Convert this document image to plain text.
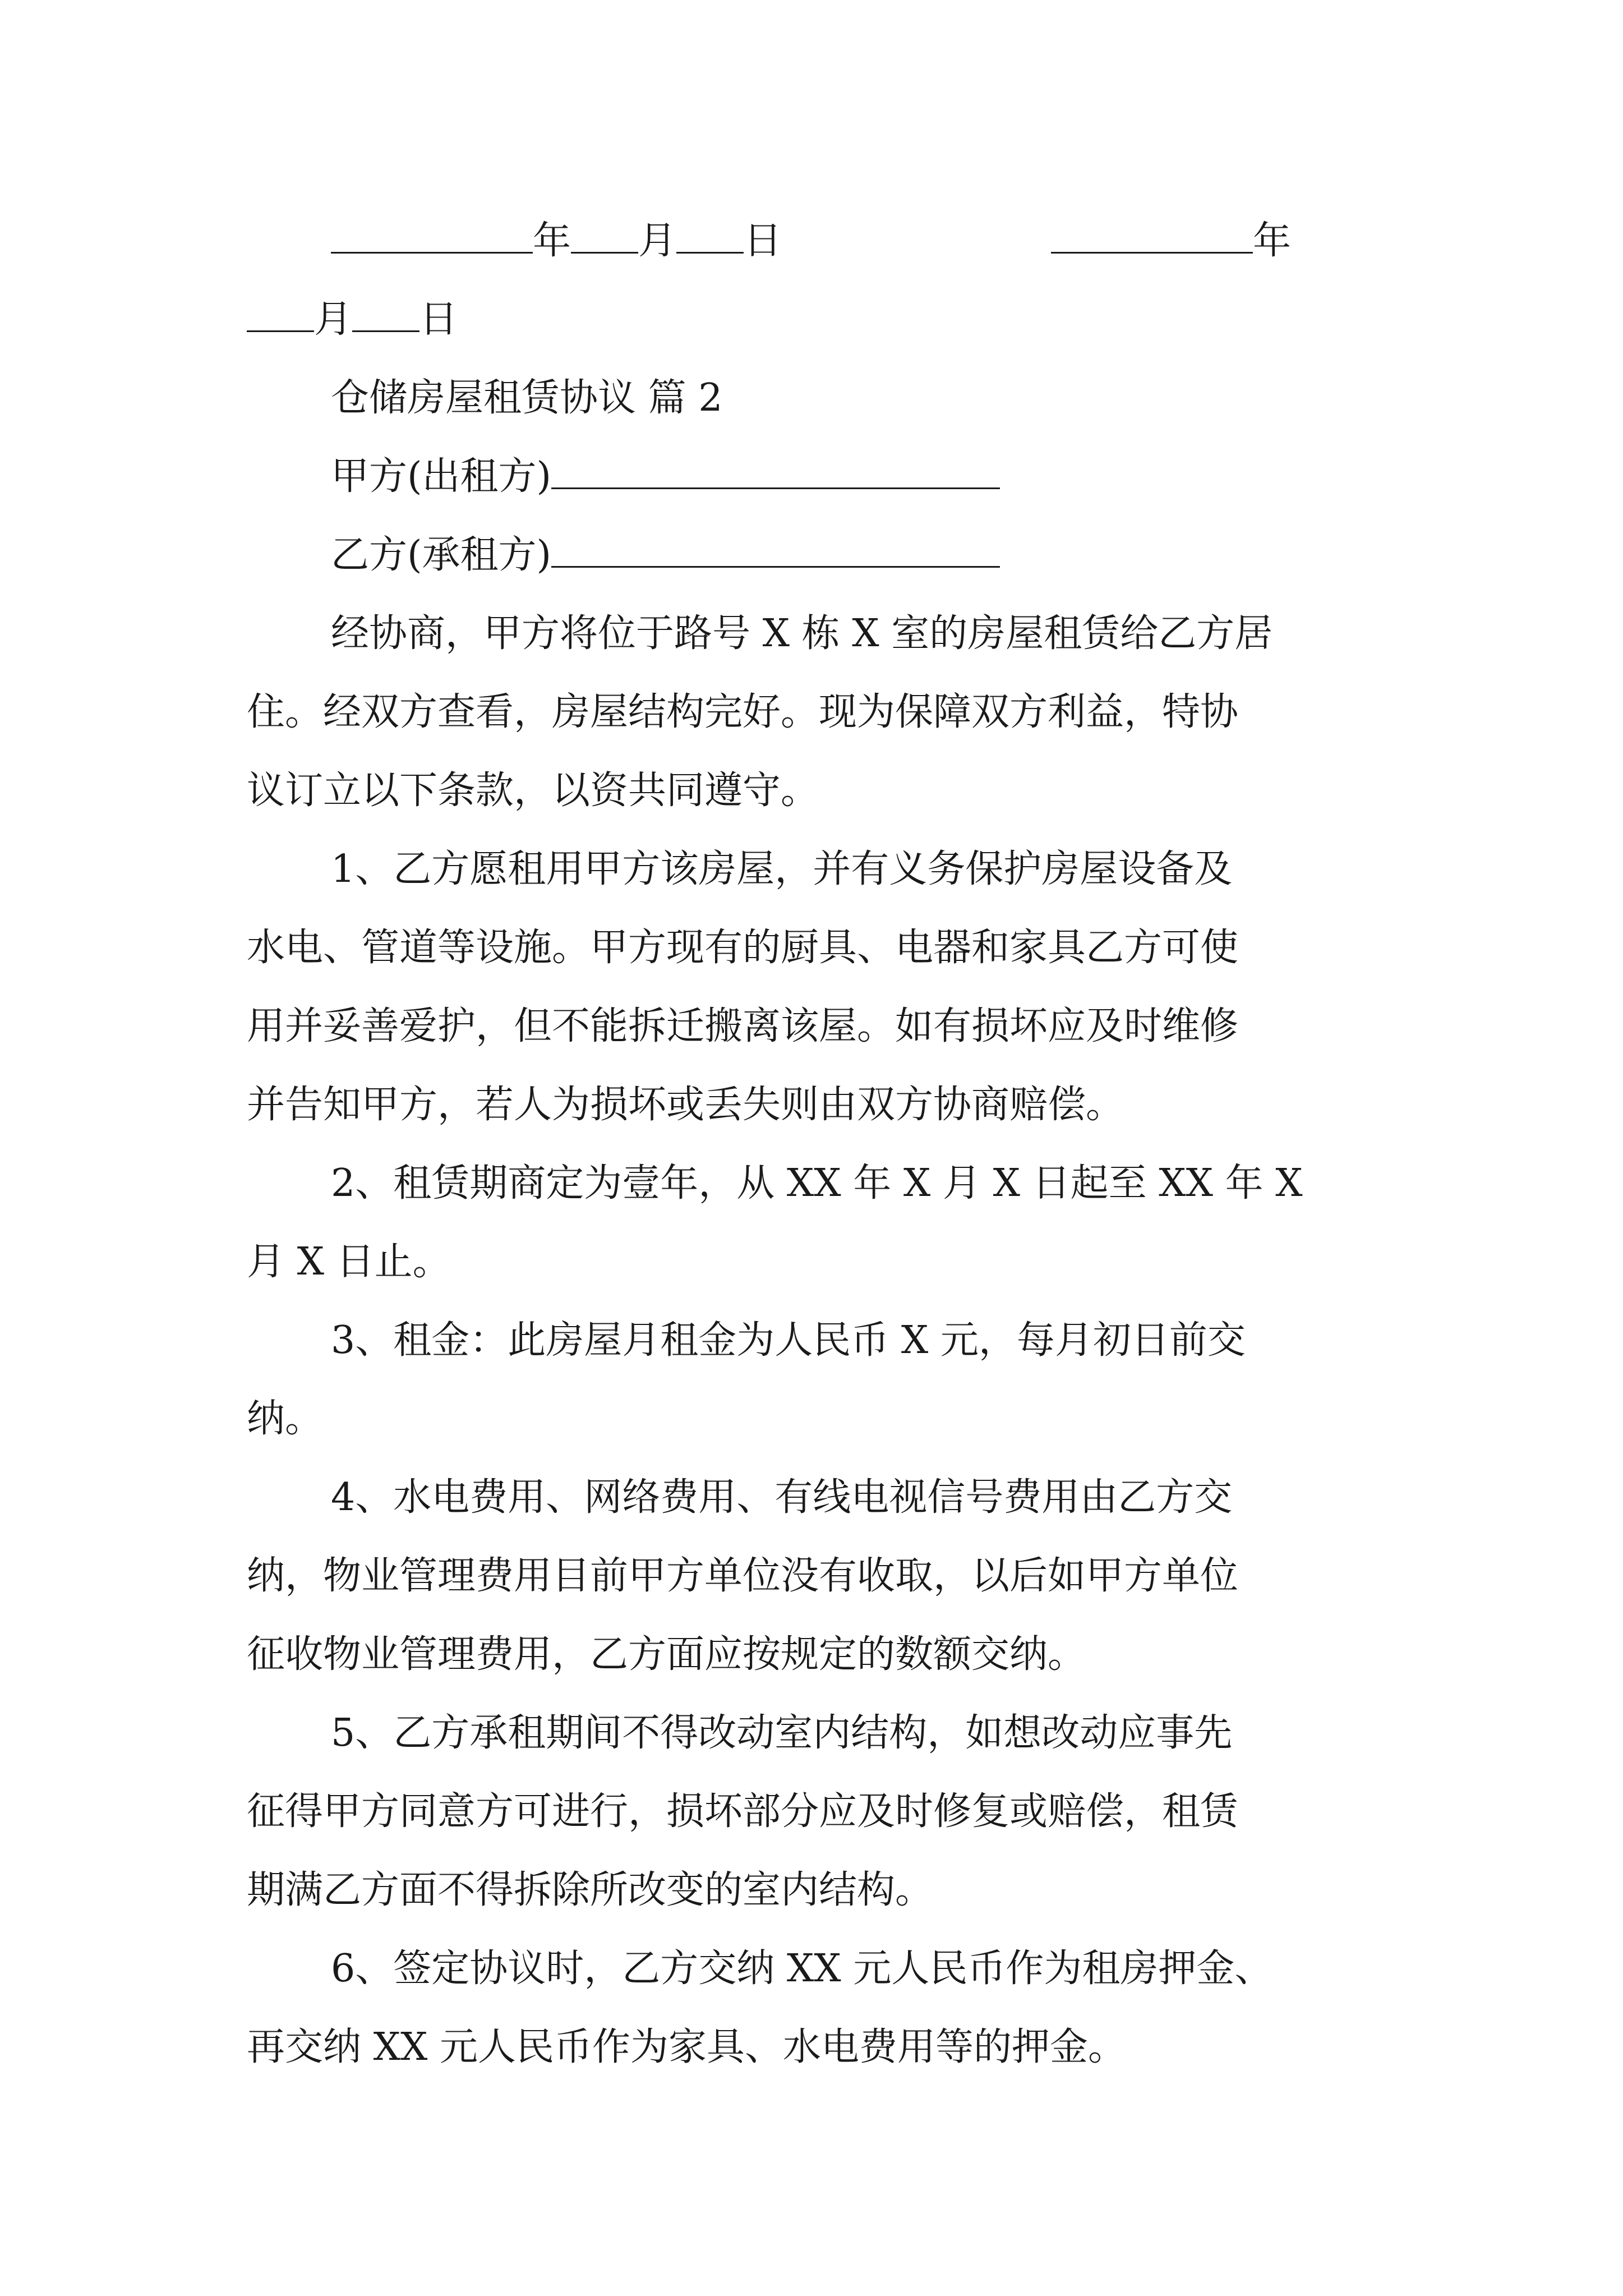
年 月 日	年
月 日
仓储房屋租赁协议 篇 2
甲方(出租方)
乙方(承租方)
经协商，甲方将位于路号 X 栋 X 室的房屋租赁给乙方居
住。经双方查看，房屋结构完好。现为保障双方利益，特协
议订立以下条款，以资共同遵守。
1、乙方愿租用甲方该房屋，并有义务保护房屋设备及
水电、管道等设施。甲方现有的厨具、电器和家具乙方可使
用并妥善爱护，但不能拆迁搬离该屋。如有损坏应及时维修
并告知甲方，若人为损坏或丢失则由双方协商赔偿。
2、租赁期商定为壹年，从 XX 年 X 月 X 日起至 XX 年 X
月 X 日止。
3、租金：此房屋月租金为人民币 X 元，每月初日前交
纳。
4、水电费用、网络费用、有线电视信号费用由乙方交
纳，物业管理费用目前甲方单位没有收取，以后如甲方单位
征收物业管理费用，乙方面应按规定的数额交纳。
5、乙方承租期间不得改动室内结构，如想改动应事先
征得甲方同意方可进行，损坏部分应及时修复或赔偿，租赁
期满乙方面不得拆除所改变的室内结构。
6、签定协议时，乙方交纳 XX 元人民币作为租房押金、
再交纳 XX 元人民币作为家具、水电费用等的押金。
